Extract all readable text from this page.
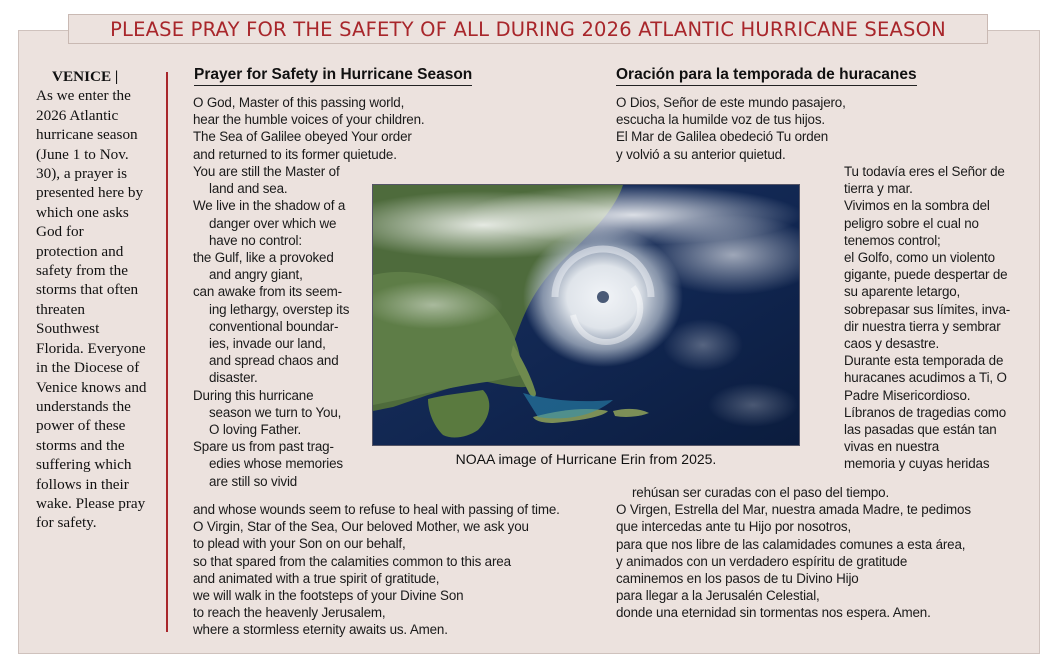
PLEASE PRAY FOR THE SAFETY OF ALL DURING 2026 ATLANTIC HURRICANE SEASON
VENICE |
As we enter the 2026 Atlantic hurricane season (June 1 to Nov. 30), a prayer is presented here by which one asks God for protection and safety from the storms that often threaten Southwest Florida. Everyone in the Diocese of Venice knows and understands the power of these storms and the suffering which follows in their wake. Please pray for safety.
Prayer for Safety in Hurricane Season
O God, Master of this passing world,
hear the humble voices of your children.
The Sea of Galilee obeyed Your order
and returned to its former quietude.
You are still the Master of
land and sea.
We live in the shadow of a
danger over which we
have no control:
the Gulf, like a provoked
and angry giant,
can awake from its seem-
ing lethargy, overstep its
conventional boundar-
ies, invade our land,
and spread chaos and
disaster.
During this hurricane
season we turn to You,
O loving Father.
Spare us from past trag-
edies whose memories
are still so vivid
and whose wounds seem to refuse to heal with passing of time.
O Virgin, Star of the Sea, Our beloved Mother, we ask you
to plead with your Son on our behalf,
so that spared from the calamities common to this area
and animated with a true spirit of gratitude,
we will walk in the footsteps of your Divine Son
to reach the heavenly Jerusalem,
where a stormless eternity awaits us. Amen.
Oración para la temporada de huracanes
O Dios, Señor de este mundo pasajero,
escucha la humilde voz de tus hijos.
El Mar de Galilea obedeció Tu orden
y volvió a su anterior quietud.
Tu todavía eres el Señor de
tierra y mar.
Vivimos en la sombra del
peligro sobre el cual no
tenemos control;
el Golfo, como un violento
gigante, puede despertar de
su aparente letargo,
sobrepasar sus límites, inva-
dir nuestra tierra y sembrar
caos y desastre.
Durante esta temporada de
huracanes acudimos a Ti, O
Padre Misericordioso.
Líbranos de tragedias como
las pasadas que están tan
vivas en nuestra
memoria y cuyas heridas
rehúsan ser curadas con el paso del tiempo.
O Virgen, Estrella del Mar, nuestra amada Madre, te pedimos
que intercedas ante tu Hijo por nosotros,
para que nos libre de las calamidades comunes a esta área,
y animados con un verdadero espíritu de gratitude
caminemos en los pasos de tu Divino Hijo
para llegar a la Jerusalén Celestial,
donde una eternidad sin tormentas nos espera. Amen.
NOAA image of Hurricane Erin from 2025.
